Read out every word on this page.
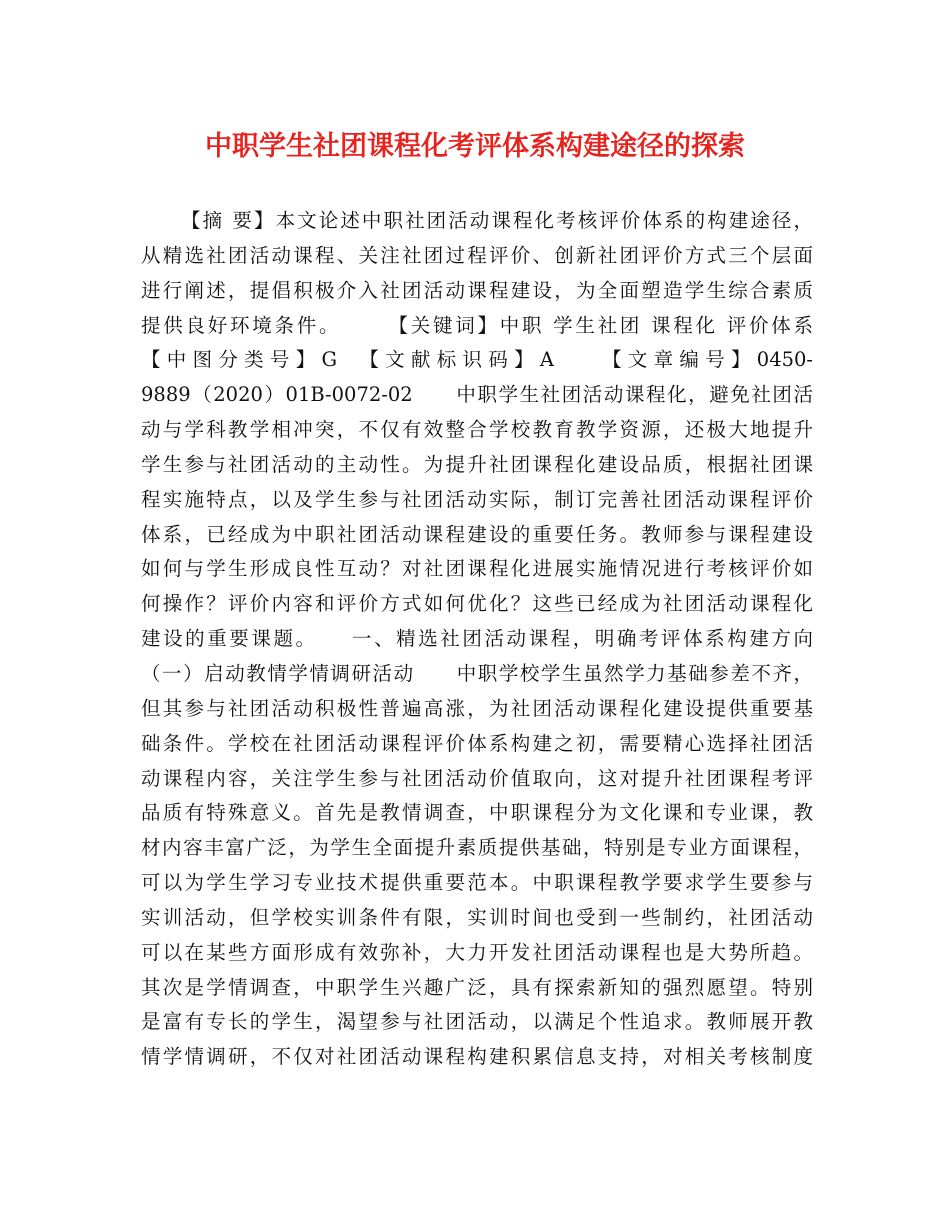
中职学生社团课程化考评体系构建途径的探索
【摘 要】本文论述中职社团活动课程化考核评价体系的构建途径，
从精选社团活动课程、关注社团过程评价、创新社团评价方式三个层面
进行阐述，提倡积极介入社团活动课程建设，为全面塑造学生综合素质
提供良好环境条件。　　　【关键词】中职 学生社团 课程化 评价体系
【中图分类号】G　【文献标识码】A　　【文章编号】0450-
9889（2020）01B-0072-02　　中职学生社团活动课程化，避免社团活
动与学科教学相冲突，不仅有效整合学校教育教学资源，还极大地提升
学生参与社团活动的主动性。为提升社团课程化建设品质，根据社团课
程实施特点，以及学生参与社团活动实际，制订完善社团活动课程评价
体系，已经成为中职社团活动课程建设的重要任务。教师参与课程建设
如何与学生形成良性互动？对社团课程化进展实施情况进行考核评价如
何操作？评价内容和评价方式如何优化？这些已经成为社团活动课程化
建设的重要课题。　　一、精选社团活动课程，明确考评体系构建方向
（一）启动教情学情调研活动　　中职学校学生虽然学力基础参差不齐，
但其参与社团活动积极性普遍高涨，为社团活动课程化建设提供重要基
础条件。学校在社团活动课程评价体系构建之初，需要精心选择社团活
动课程内容，关注学生参与社团活动价值取向，这对提升社团课程考评
品质有特殊意义。首先是教情调查，中职课程分为文化课和专业课，教
材内容丰富广泛，为学生全面提升素质提供基础，特别是专业方面课程，
可以为学生学习专业技术提供重要范本。中职课程教学要求学生要参与
实训活动，但学校实训条件有限，实训时间也受到一些制约，社团活动
可以在某些方面形成有效弥补，大力开发社团活动课程也是大势所趋。
其次是学情调查，中职学生兴趣广泛，具有探索新知的强烈愿望。特别
是富有专长的学生，渴望参与社团活动，以满足个性追求。教师展开教
情学情调研，不仅对社团活动课程构建积累信息支持，对相关考核制度
